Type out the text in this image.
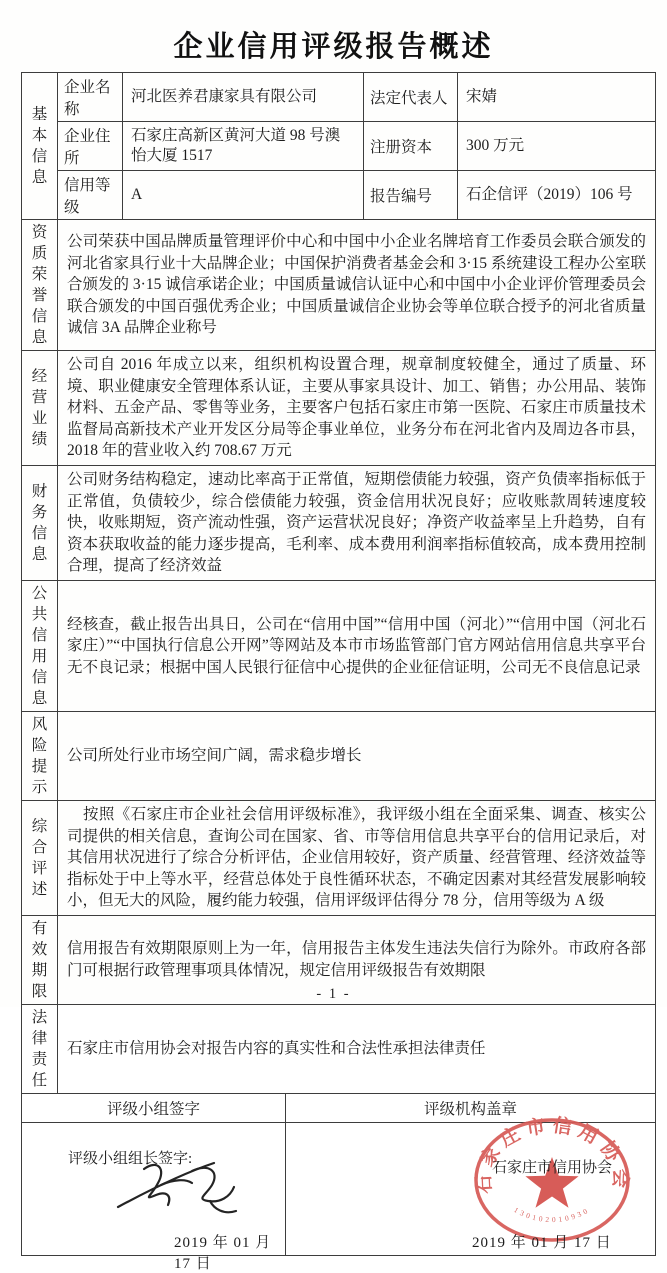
企业信用评级报告概述
基本信息	企业名称	河北医养君康家具有限公司		法定代表人	宋婧
	企业住所	石家庄高新区黄河大道 98 号澳怡大厦 1517		注册资本	300 万元
	信用等级	A		报告编号	石企信评（2019）106 号
资质荣誉信息	公司荣获中国品牌质量管理评价中心和中国中小企业名牌培育工作委员会联合颁发的河北省家具行业十大品牌企业；中国保护消费者基金会和 3·15 系统建设工程办公室联合颁发的 3·15 诚信承诺企业；中国质量诚信认证中心和中国中小企业评价管理委员会联合颁发的中国百强优秀企业；中国质量诚信企业协会等单位联合授予的河北省质量诚信 3A 品牌企业称号				
经营业绩	公司自 2016 年成立以来，组织机构设置合理，规章制度较健全，通过了质量、环境、职业健康安全管理体系认证，主要从事家具设计、加工、销售；办公用品、装饰材料、五金产品、零售等业务，主要客户包括石家庄市第一医院、石家庄市质量技术监督局高新技术产业开发区分局等企事业单位，业务分布在河北省内及周边各市县，2018 年的营业收入约 708.67 万元				
财务信息	公司财务结构稳定，速动比率高于正常值，短期偿债能力较强，资产负债率指标低于正常值，负债较少，综合偿债能力较强，资金信用状况良好；应收账款周转速度较快，收账期短，资产流动性强，资产运营状况良好；净资产收益率呈上升趋势，自有资本获取收益的能力逐步提高，毛利率、成本费用利润率指标值较高，成本费用控制合理，提高了经济效益				
公共信用信息	经核查，截止报告出具日，公司在“信用中国”“信用中国（河北）”“信用中国（河北石家庄）”“中国执行信息公开网”等网站及本市市场监管部门官方网站信用信息共享平台无不良记录；根据中国人民银行征信中心提供的企业征信证明，公司无不良信息记录				
风险提示	公司所处行业市场空间广阔，需求稳步增长				
综合评述	按照《石家庄市企业社会信用评级标准》，我评级小组在全面采集、调查、核实公司提供的相关信息，查询公司在国家、省、市等信用信息共享平台的信用记录后，对其信用状况进行了综合分析评估，企业信用较好，资产质量、经营管理、经济效益等指标处于中上等水平，经营总体处于良性循环状态，不确定因素对其经营发展影响较小，但无大的风险，履约能力较强，信用评级评估得分 78 分，信用等级为 A 级				
有效期限	信用报告有效期限原则上为一年，信用报告主体发生违法失信行为除外。市政府各部门可根据行政管理事项具体情况，规定信用评级报告有效期限				
法律责任	石家庄市信用协会对报告内容的真实性和合法性承担法律责任				
评级小组签字			评级机构盖章		

评级小组组长签字:
2019 年 01 月 17 日			石家庄市信用协会
130102010930
石家庄市信用协会
2019 年 01 月 17 日		
- 1 -
